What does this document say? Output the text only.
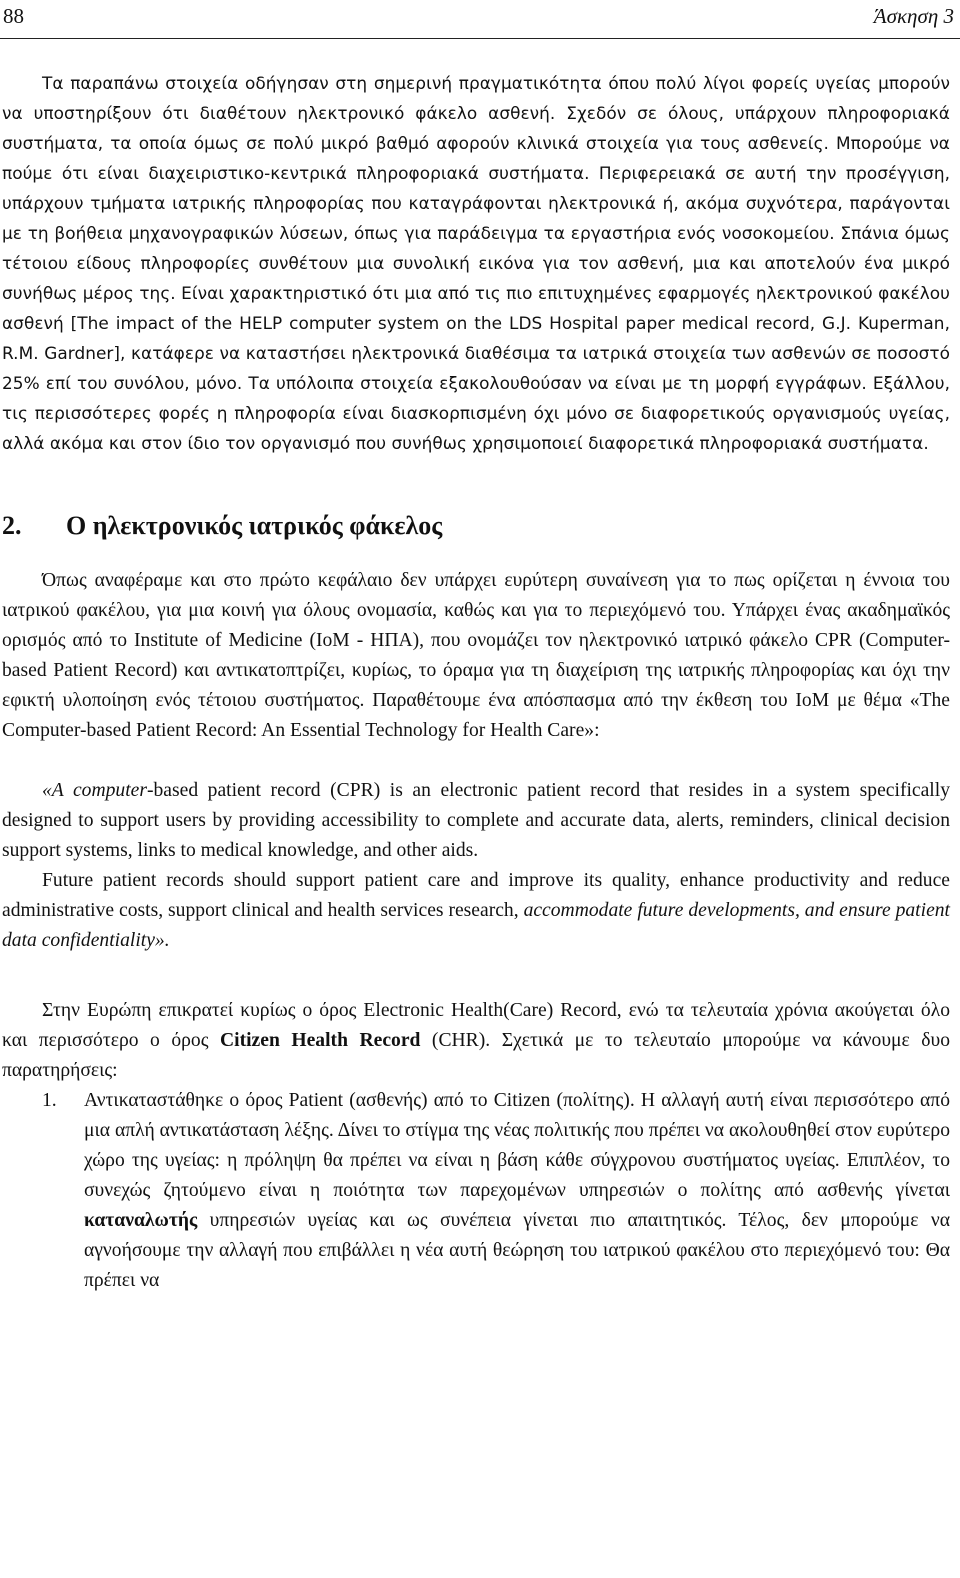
88	Άσκηση 3

Τα παραπάνω στοιχεία οδήγησαν στη σημερινή πραγματικότητα όπου πολύ λίγοι φορείς υγείας μπορούν να υποστηρίξουν ότι διαθέτουν ηλεκτρονικό φάκελο ασθενή. Σχεδόν σε όλους, υπάρχουν πληροφοριακά συστήματα, τα οποία όμως σε πολύ μικρό βαθμό αφορούν κλινικά στοιχεία για τους ασθενείς. Μπορούμε να πούμε ότι είναι διαχειριστικο-κεντρικά πληροφοριακά συστήματα. Περιφερειακά σε αυτή την προσέγγιση, υπάρχουν τμήματα ιατρικής πληροφορίας που καταγράφονται ηλεκτρονικά ή, ακόμα συχνότερα, παράγονται με τη βοήθεια μηχανογραφικών λύσεων, όπως για παράδειγμα τα εργαστήρια ενός νοσοκομείου. Σπάνια όμως τέτοιου είδους πληροφορίες συνθέτουν μια συνολική εικόνα για τον ασθενή, μια και αποτελούν ένα μικρό συνήθως μέρος της. Είναι χαρακτηριστικό ότι μια από τις πιο επιτυχημένες εφαρμογές ηλεκτρονικού φακέλου ασθενή [The impact of the HELP computer system on the LDS Hospital paper medical record, G.J. Kuperman, R.M. Gardner], κατάφερε να καταστήσει ηλεκτρονικά διαθέσιμα τα ιατρικά στοιχεία των ασθενών σε ποσοστό 25% επί του συνόλου, μόνο. Τα υπόλοιπα στοιχεία εξακολουθούσαν να είναι με τη μορφή εγγράφων. Εξάλλου, τις περισσότερες φορές η πληροφορία είναι διασκορπισμένη όχι μόνο σε διαφορετικούς οργανισμούς υγείας, αλλά ακόμα και στον ίδιο τον οργανισμό που συνήθως χρησιμοποιεί διαφορετικά πληροφοριακά συστήματα.

2.	Ο ηλεκτρονικός ιατρικός φάκελος

Όπως αναφέραμε και στο πρώτο κεφάλαιο δεν υπάρχει ευρύτερη συναίνεση για το πως ορίζεται η έννοια του ιατρικού φακέλου, για μια κοινή για όλους ονομασία, καθώς και για το περιεχόμενό του. Υπάρχει ένας ακαδημαϊκός ορισμός από το Institute of Medicine (IoM - ΗΠΑ), που ονομάζει τον ηλεκτρονικό ιατρικό φάκελο CPR (Computer-based Patient Record) και αντικατοπτρίζει, κυρίως, το όραμα για τη διαχείριση της ιατρικής πληροφορίας και όχι την εφικτή υλοποίηση ενός τέτοιου συστήματος. Παραθέτουμε ένα απόσπασμα από την έκθεση του IoM με θέμα «The Computer-based Patient Record: An Essential Technology for Health Care»:

«A computer-based patient record (CPR) is an electronic patient record that resides in a system specifically designed to support users by providing accessibility to complete and accurate data, alerts, reminders, clinical decision support systems, links to medical knowledge, and other aids.

Future patient records should support patient care and improve its quality, enhance productivity and reduce administrative costs, support clinical and health services research, accommodate future developments, and ensure patient data confidentiality».

Στην Ευρώπη επικρατεί κυρίως ο όρος Electronic Health(Care) Record, ενώ τα τελευταία χρόνια ακούγεται όλο και περισσότερο ο όρος Citizen Health Record (CHR). Σχετικά με το τελευταίο μπορούμε να κάνουμε δυο παρατηρήσεις:

1. Αντικαταστάθηκε ο όρος Patient (ασθενής) από το Citizen (πολίτης). Η αλλαγή αυτή είναι περισσότερο από μια απλή αντικατάσταση λέξης. Δίνει το στίγμα της νέας πολιτικής που πρέπει να ακολουθηθεί στον ευρύτερο χώρο της υγείας: η πρόληψη θα πρέπει να είναι η βάση κάθε σύγχρονου συστήματος υγείας. Επιπλέον, το συνεχώς ζητούμενο είναι η ποιότητα των παρεχομένων υπηρεσιών ο πολίτης από ασθενής γίνεται καταναλωτής υπηρεσιών υγείας και ως συνέπεια γίνεται πιο απαιτητικός. Τέλος, δεν μπορούμε να αγνοήσουμε την αλλαγή που επιβάλλει η νέα αυτή θεώρηση του ιατρικού φακέλου στο περιεχόμενό του: Θα πρέπει να
